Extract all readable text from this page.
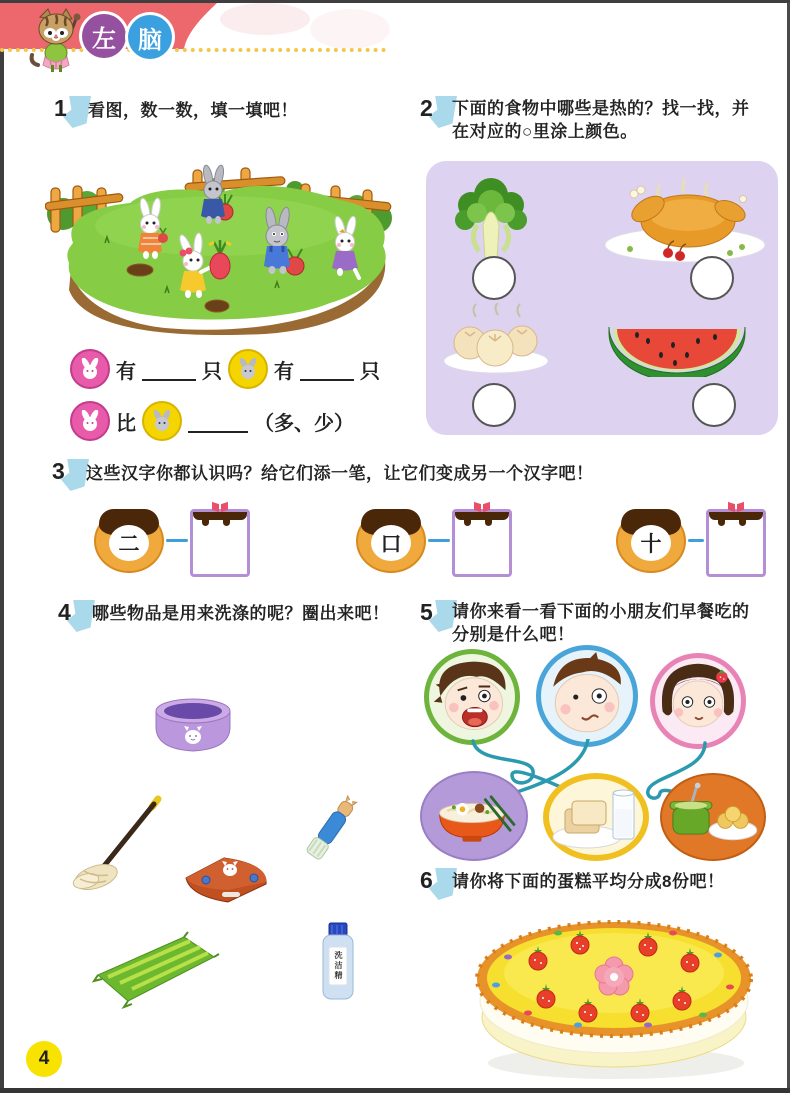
左 脑
1 看图，数一数，填一填吧！
有	只	有	只
比	（多、少）
2 下面的食物中哪些是热的？找一找，并
在对应的○里涂上颜色。
3 这些汉字你都认识吗？给它们添一笔，让它们变成另一个汉字吧！
二	口	十
4 哪些物品是用来洗涤的呢？圈出来吧！
洗洁精
5 请你来看一看下面的小朋友们早餐吃的
分别是什么吧！
6 请你将下面的蛋糕平均分成8份吧！
4
